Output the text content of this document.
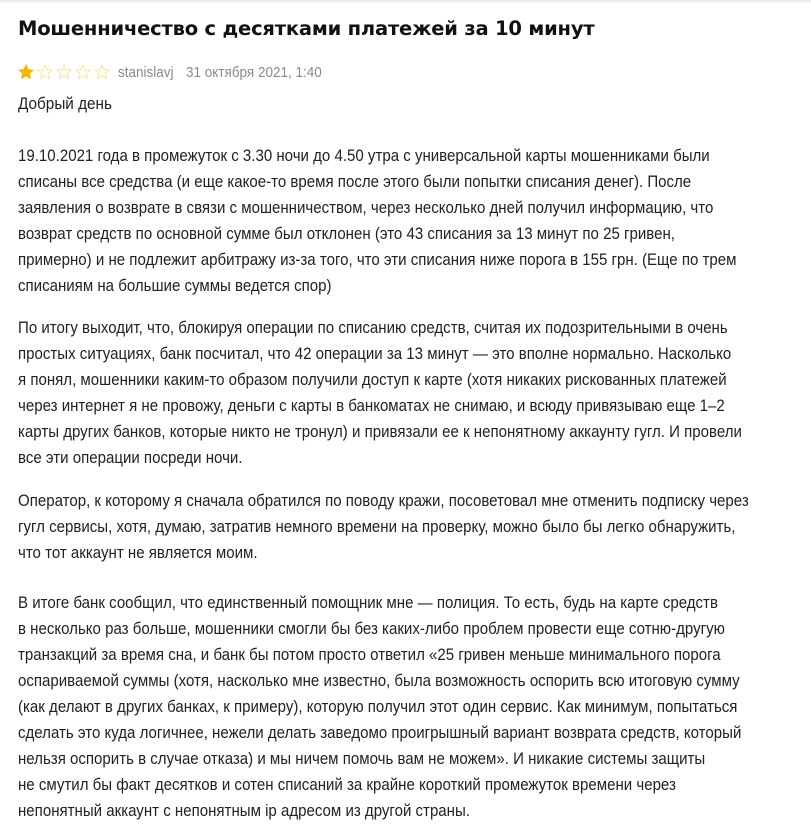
Мошенничество с десятками платежей за 10 минут
stanislavj 31 октября 2021, 1:40
Добрый день
19.10.2021 года в промежуток с 3.30 ночи до 4.50 утра с универсальной карты мошенниками были
списаны все средства (и еще какое-то время после этого были попытки списания денег). После
заявления о возврате в связи с мошенничеством, через несколько дней получил информацию, что
возврат средств по основной сумме был отклонен (это 43 списания за 13 минут по 25 гривен,
примерно) и не подлежит арбитражу из-за того, что эти списания ниже порога в 155 грн. (Еще по трем
списаниям на большие суммы ведется спор)
По итогу выходит, что, блокируя операции по списанию средств, считая их подозрительными в очень
простых ситуациях, банк посчитал, что 42 операции за 13 минут — это вполне нормально. Насколько
я понял, мошенники каким-то образом получили доступ к карте (хотя никаких рискованных платежей
через интернет я не провожу, деньги с карты в банкоматах не снимаю, и всюду привязываю еще 1–2
карты других банков, которые никто не тронул) и привязали ее к непонятному аккаунту гугл. И провели
все эти операции посреди ночи.
Оператор, к которому я сначала обратился по поводу кражи, посоветовал мне отменить подписку через
гугл сервисы, хотя, думаю, затратив немного времени на проверку, можно было бы легко обнаружить,
что тот аккаунт не является моим.
В итоге банк сообщил, что единственный помощник мне — полиция. То есть, будь на карте средств
в несколько раз больше, мошенники смогли бы без каких-либо проблем провести еще сотню-другую
транзакций за время сна, и банк бы потом просто ответил «25 гривен меньше минимального порога
оспариваемой суммы (хотя, насколько мне известно, была возможность оспорить всю итоговую сумму
(как делают в других банках, к примеру), которую получил этот один сервис. Как минимум, попытаться
сделать это куда логичнее, нежели делать заведомо проигрышный вариант возврата средств, который
нельзя оспорить в случае отказа) и мы ничем помочь вам не можем». И никакие системы защиты
не смутил бы факт десятков и сотен списаний за крайне короткий промежуток времени через
непонятный аккаунт с непонятным ip адресом из другой страны.
